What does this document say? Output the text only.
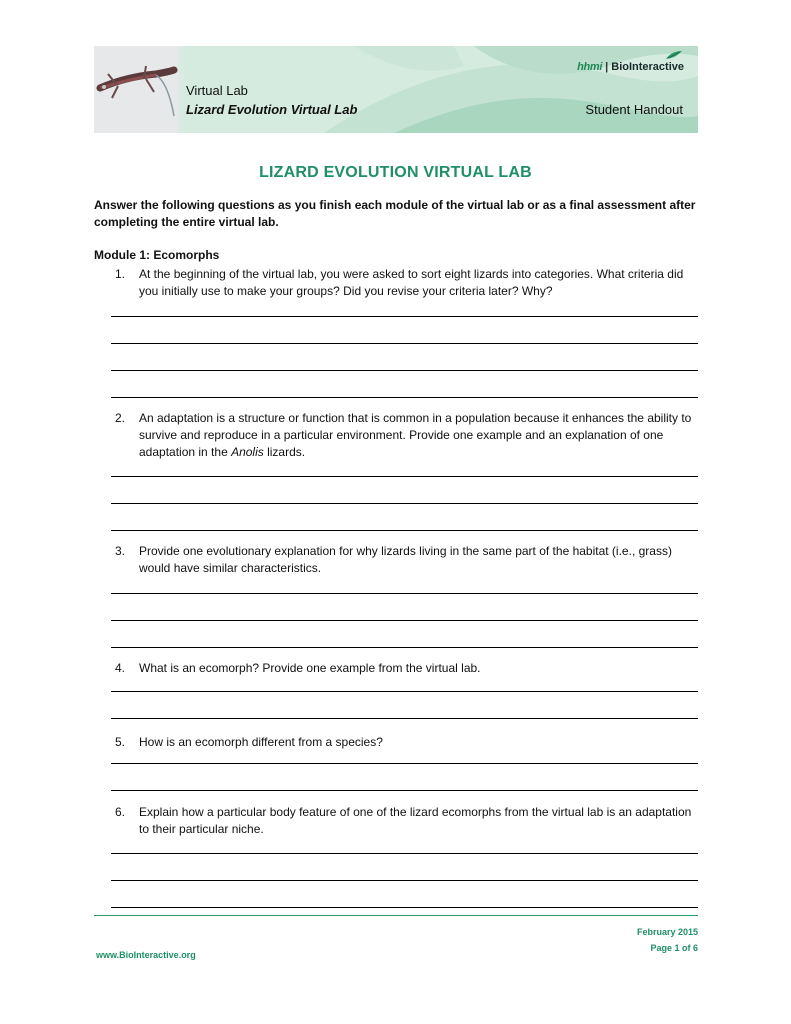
hhmi | BioInteractive
Virtual Lab
Lizard Evolution Virtual Lab	Student Handout
LIZARD EVOLUTION VIRTUAL LAB
Answer the following questions as you finish each module of the virtual lab or as a final assessment after completing the entire virtual lab.
Module 1: Ecomorphs
1. At the beginning of the virtual lab, you were asked to sort eight lizards into categories. What criteria did you initially use to make your groups? Did you revise your criteria later? Why?
2. An adaptation is a structure or function that is common in a population because it enhances the ability to survive and reproduce in a particular environment. Provide one example and an explanation of one adaptation in the Anolis lizards.
3. Provide one evolutionary explanation for why lizards living in the same part of the habitat (i.e., grass) would have similar characteristics.
4. What is an ecomorph? Provide one example from the virtual lab.
5. How is an ecomorph different from a species?
6. Explain how a particular body feature of one of the lizard ecomorphs from the virtual lab is an adaptation to their particular niche.
February 2015
Page 1 of 6
www.BioInteractive.org
